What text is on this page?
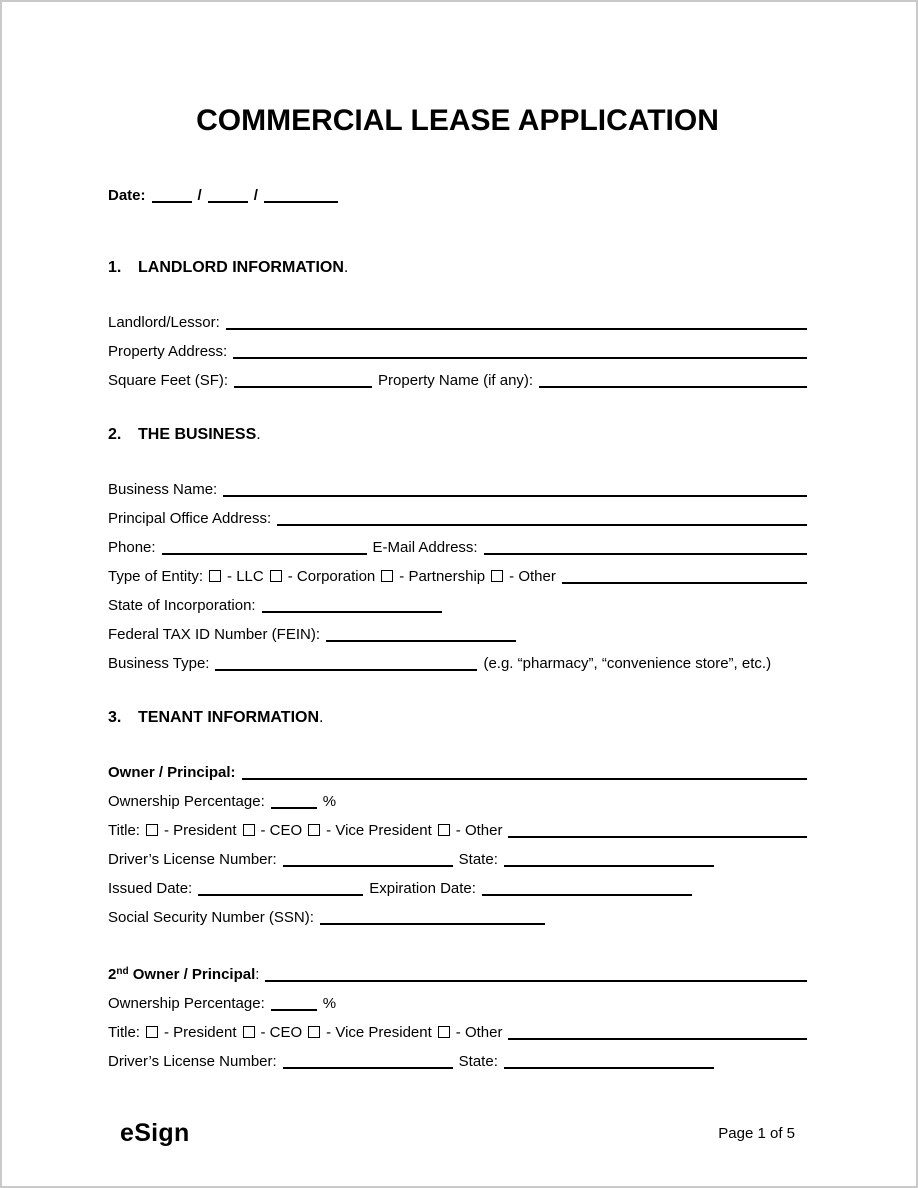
COMMERCIAL LEASE APPLICATION
Date:	/	/
1. LANDLORD INFORMATION.
Landlord/Lessor:
Property Address:
Square Feet (SF):	Property Name (if any):
2. THE BUSINESS.
Business Name:
Principal Office Address:
Phone:	E-Mail Address:
Type of Entity: - LLC - Corporation - Partnership - Other
State of Incorporation:
Federal TAX ID Number (FEIN):
Business Type:	(e.g. “pharmacy”, “convenience store”, etc.)
3. TENANT INFORMATION.
Owner / Principal:
Ownership Percentage:	%
Title: - President - CEO - Vice President - Other
Driver’s License Number:	State:
Issued Date:	Expiration Date:
Social Security Number (SSN):
2nd Owner / Principal:
Ownership Percentage:	%
Title: - President - CEO - Vice President - Other
Driver’s License Number:	State:
eSign	Page 1 of 5
